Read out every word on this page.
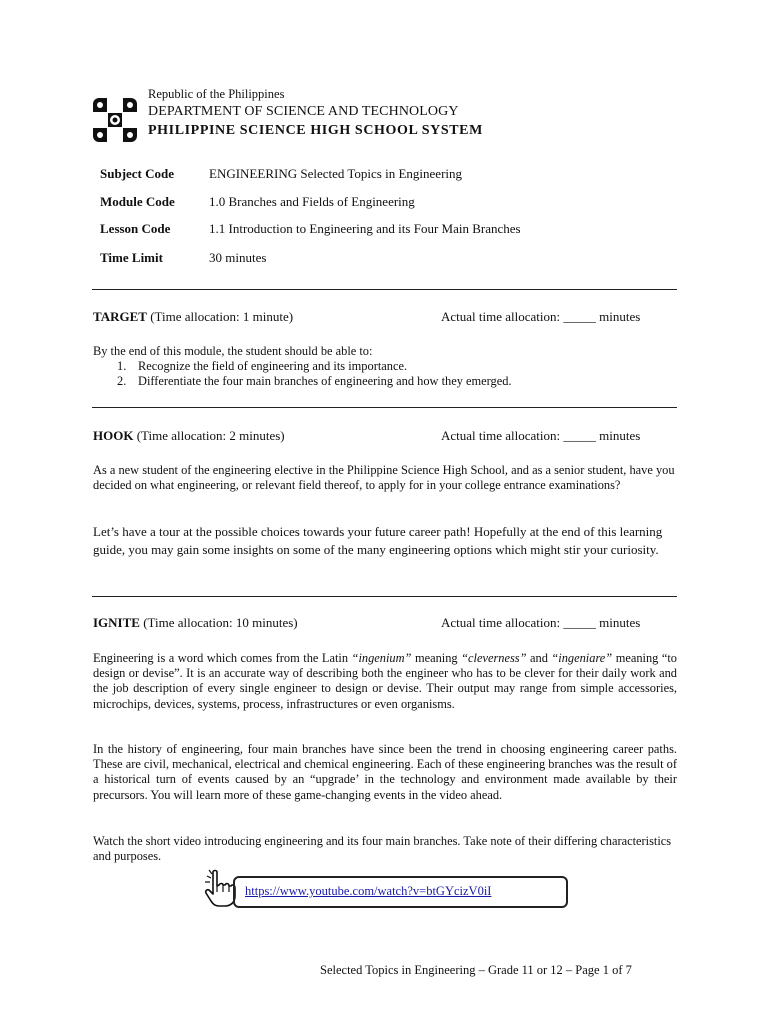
Republic of the Philippines
DEPARTMENT OF SCIENCE AND TECHNOLOGY
PHILIPPINE SCIENCE HIGH SCHOOL SYSTEM
Subject Code	ENGINEERING Selected Topics in Engineering
Module Code	1.0 Branches and Fields of Engineering
Lesson Code	1.1 Introduction to Engineering and its Four Main Branches
Time Limit	30 minutes
TARGET (Time allocation: 1 minute)	Actual time allocation: _____ minutes
By the end of this module, the student should be able to:
1. Recognize the field of engineering and its importance.
2. Differentiate the four main branches of engineering and how they emerged.
HOOK (Time allocation: 2 minutes)	Actual time allocation: _____ minutes
As a new student of the engineering elective in the Philippine Science High School, and as a senior student, have you decided on what engineering, or relevant field thereof, to apply for in your college entrance examinations?
Let’s have a tour at the possible choices towards your future career path! Hopefully at the end of this learning guide, you may gain some insights on some of the many engineering options which might stir your curiosity.
IGNITE (Time allocation: 10 minutes)	Actual time allocation: _____ minutes
Engineering is a word which comes from the Latin “ingenium” meaning “cleverness” and “ingeniare” meaning “to design or devise”. It is an accurate way of describing both the engineer who has to be clever for their daily work and the job description of every single engineer to design or devise. Their output may range from simple accessories, microchips, devices, systems, process, infrastructures or even organisms.
In the history of engineering, four main branches have since been the trend in choosing engineering career paths. These are civil, mechanical, electrical and chemical engineering. Each of these engineering branches was the result of a historical turn of events caused by an “upgrade’ in the technology and environment made available by their precursors. You will learn more of these game-changing events in the video ahead.
Watch the short video introducing engineering and its four main branches. Take note of their differing characteristics and purposes.
https://www.youtube.com/watch?v=btGYcizV0iI
Selected Topics in Engineering – Grade 11 or 12 – Page 1 of 7
